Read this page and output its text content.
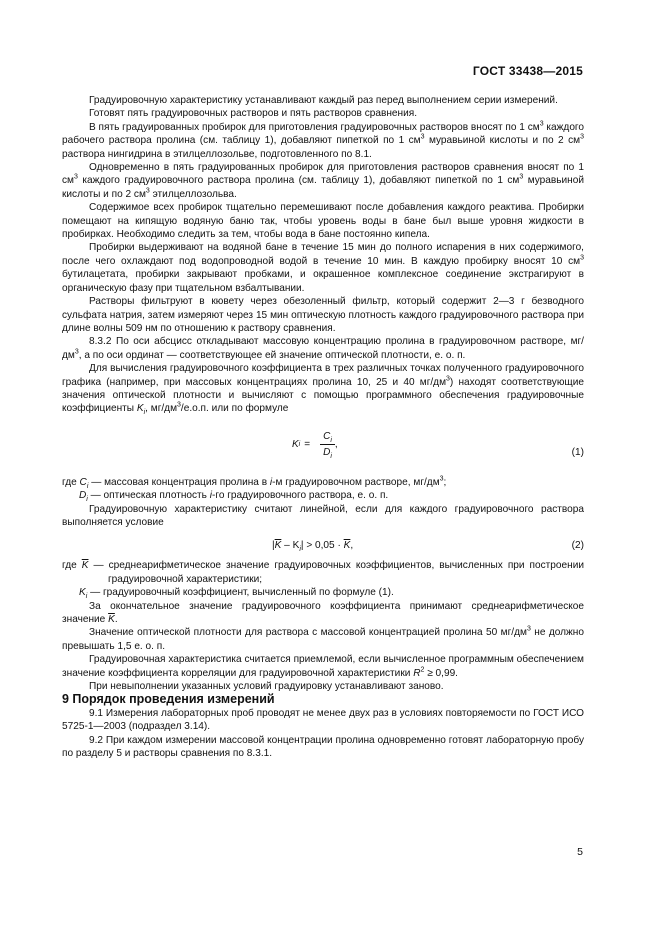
ГОСТ 33438—2015

Градуировочную характеристику устанавливают каждый раз перед выполнением серии измерений.

Готовят пять градуировочных растворов и пять растворов сравнения.

В пять градуированных пробирок для приготовления градуировочных растворов вносят по 1 $см^3$ каждого рабочего раствора пролина (см. таблицу 1), добавляют пипеткой по 1 $см^3$ муравьиной кислоты и по 2 $см^3$ раствора нингидрина в этилцеллозольве, подготовленного по 8.1.

Одновременно в пять градуированных пробирок для приготовления растворов сравнения вносят по 1 $см^3$ каждого градуировочного раствора пролина (см. таблицу 1), добавляют пипеткой по 1 $см^3$ муравьиной кислоты и по 2 $см^3$ этилцеллозольва.

Содержимое всех пробирок тщательно перемешивают после добавления каждого реактива. Пробирки помещают на кипящую водяную баню так, чтобы уровень воды в бане был выше уровня жидкости в пробирках. Необходимо следить за тем, чтобы вода в бане постоянно кипела.

Пробирки выдерживают на водяной бане в течение 15 мин до полного испарения в них содержимого, после чего охлаждают под водопроводной водой в течение 10 мин. В каждую пробирку вносят 10 $см^3$ бутилацетата, пробирки закрывают пробками, и окрашенное комплексное соединение экстрагируют в органическую фазу при тщательном взбалтывании.

Растворы фильтруют в кювету через обезоленный фильтр, который содержит 2—3 г безводного сульфата натрия, затем измеряют через 15 мин оптическую плотность каждого градуировочного раствора при длине волны 509 нм по отношению к раствору сравнения.

8.3.2 По оси абсцисс откладывают массовую концентрацию пролина в градуировочном растворе, $мг/дм^3$, а по оси ординат — соответствующее ей значение оптической плотности, е. о. п.

Для вычисления градуировочного коэффициента в трех различных точках полученного градуировочного графика (например, при массовых концентрациях пролина 10, 25 и 40 $мг/дм^3$) находят соответствующие значения оптической плотности и вычисляют с помощью программного обеспечения градуировочные коэффициенты $K_i$, $мг/дм^3/е.о.п$. или по формуле

K $i = \frac{C_i}{D_i}$ ,
(1)

где $C_i$ — массовая концентрация пролина в i-м градуировочном растворе, $мг/дм^3$;

$D_i$ — оптическая плотность i-го градуировочного раствора, е. о. п.

Градуировочную характеристику считают линейной, если для каждого градуировочного раствора выполняется условие

$|\overline{K} - K_i| > 0,05 \cdot \overline{K}$,	(2)

где $\overline{K}$ — среднеарифметическое значение градуировочных коэффициентов, вычисленных при построении градуировочной характеристики;

$K_i$ — градуировочный коэффициент, вычисленный по формуле (1).

За окончательное значение градуировочного коэффициента принимают среднеарифметическое значение $\overline{K}$.

Значение оптической плотности для раствора с массовой концентрацией пролина 50 $мг/дм^3$ не должно превышать 1,5 е. о. п.

Градуировочная характеристика считается приемлемой, если вычисленное программным обеспечением значение коэффициента корреляции для градуировочной характеристики $R^2 \ge 0,99$.

При невыполнении указанных условий градуировку устанавливают заново.

9 Порядок проведения измерений

9.1 Измерения лабораторных проб проводят не менее двух раз в условиях повторяемости по ГОСТ ИСО 5725-1—2003 (подраздел 3.14).

9.2 При каждом измерении массовой концентрации пролина одновременно готовят лабораторную пробу по разделу 5 и растворы сравнения по 8.3.1.

5
